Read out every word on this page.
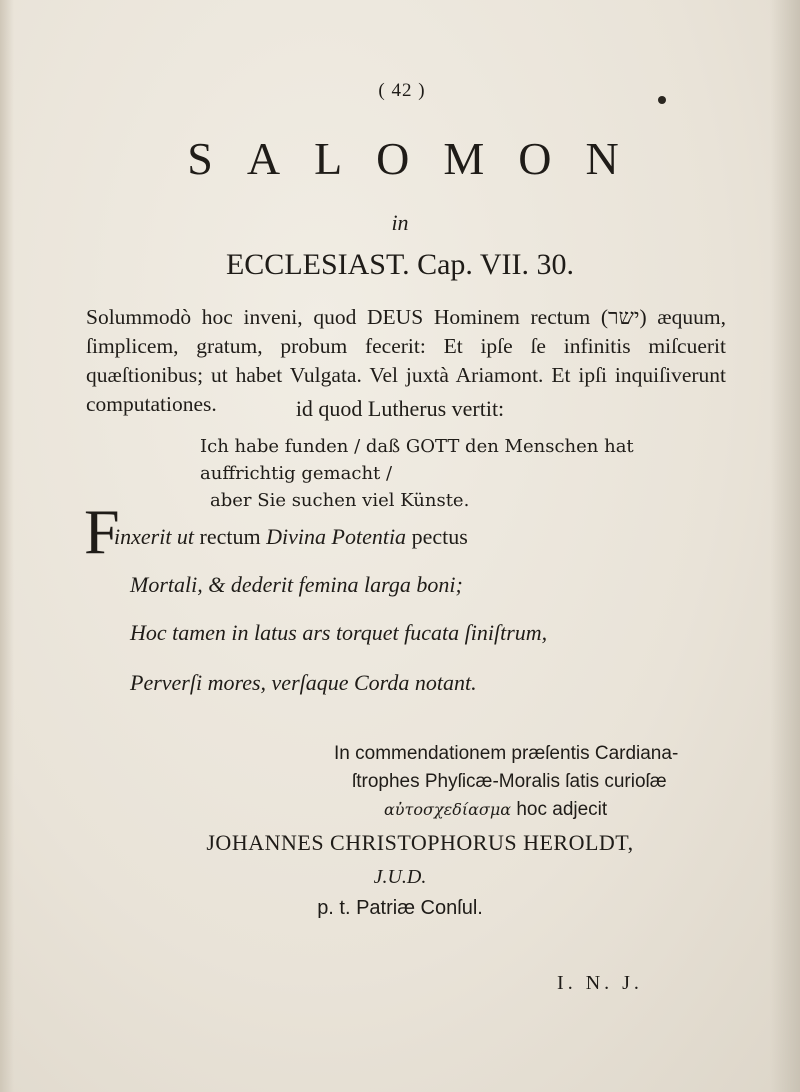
( 42 )
SALOMON
in
ECCLESIAST. Cap. VII. 30.
Solummodò hoc inveni, quod DEUS Hominem rectum (ישר) æquum, ſimplicem, gratum, probum fecerit: Et ipſe ſe infinitis miſcuerit quæſtionibus; ut habet Vulgata. Vel juxtà Ariamont. Et ipſi inquiſiverunt computationes.	id quod Lutherus vertit:
Ich habe funden / daß GOTT den Menschen hat auffrichtig gemacht /
aber Sie suchen viel Künste.
F
inxerit ut rectum Divina Potentia pectus
Mortali, & dederit femina larga boni;
Hoc tamen in latus ars torquet fucata ſiniſtrum,
Perverſi mores, verſaque Corda notant.
In commendationem præſentis Cardiana-
ſtrophes Phyſicæ-Moralis ſatis curioſæ
αὐτοσχεδίασμα hoc adjecit
JOHANNES CHRISTOPHORUS HEROLDT,
J.U.D.
p. t. Patriæ Conſul.
I. N. J.
